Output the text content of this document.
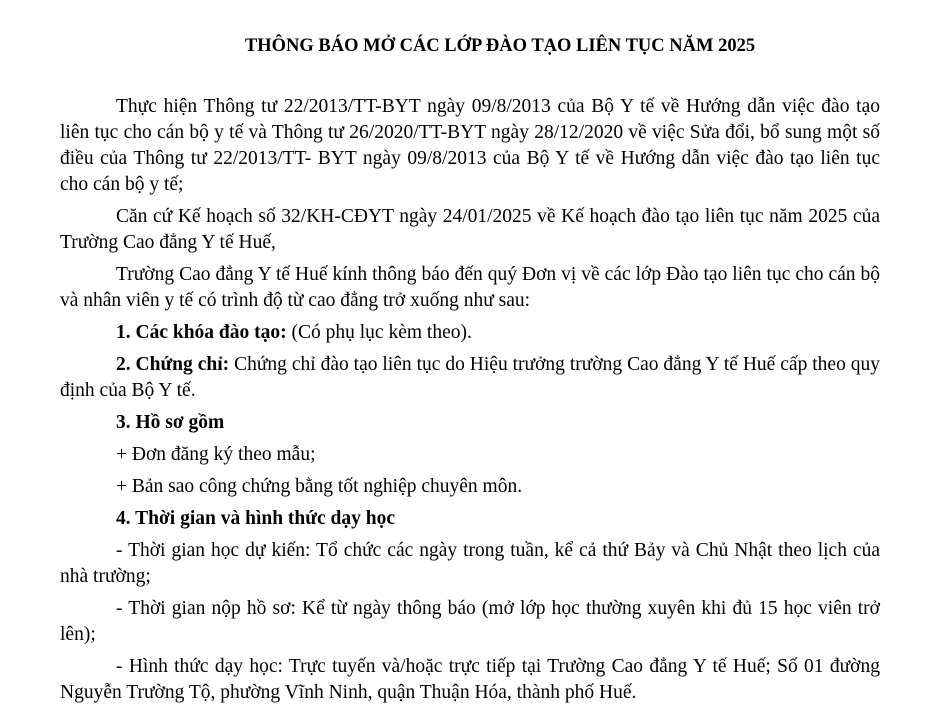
THÔNG BÁO MỞ CÁC LỚP ĐÀO TẠO LIÊN TỤC NĂM 2025

Thực hiện Thông tư 22/2013/TT-BYT ngày 09/8/2013 của Bộ Y tế về Hướng dẫn việc đào tạo liên tục cho cán bộ y tế và Thông tư 26/2020/TT-BYT ngày 28/12/2020 về việc Sửa đổi, bổ sung một số điều của Thông tư 22/2013/TT- BYT ngày 09/8/2013 của Bộ Y tế về Hướng dẫn việc đào tạo liên tục cho cán bộ y tế;

Căn cứ Kế hoạch số 32/KH-CĐYT ngày 24/01/2025 về Kế hoạch đào tạo liên tục năm 2025 của Trường Cao đẳng Y tế Huế,

Trường Cao đẳng Y tế Huế kính thông báo đến quý Đơn vị về các lớp Đào tạo liên tục cho cán bộ và nhân viên y tế có trình độ từ cao đẳng trở xuống như sau:

1. Các khóa đào tạo: (Có phụ lục kèm theo).

2. Chứng chỉ: Chứng chỉ đào tạo liên tục do Hiệu trưởng trường Cao đẳng Y tế Huế cấp theo quy định của Bộ Y tế.

3. Hồ sơ gồm

+ Đơn đăng ký theo mẫu;

+ Bản sao công chứng bằng tốt nghiệp chuyên môn.

4. Thời gian và hình thức dạy học

- Thời gian học dự kiến: Tổ chức các ngày trong tuần, kể cả thứ Bảy và Chủ Nhật theo lịch của nhà trường;

- Thời gian nộp hồ sơ: Kể từ ngày thông báo (mở lớp học thường xuyên khi đủ 15 học viên trở lên);

- Hình thức dạy học: Trực tuyến và/hoặc trực tiếp tại Trường Cao đẳng Y tế Huế; Số 01 đường Nguyễn Trường Tộ, phường Vĩnh Ninh, quận Thuận Hóa, thành phố Huế.
